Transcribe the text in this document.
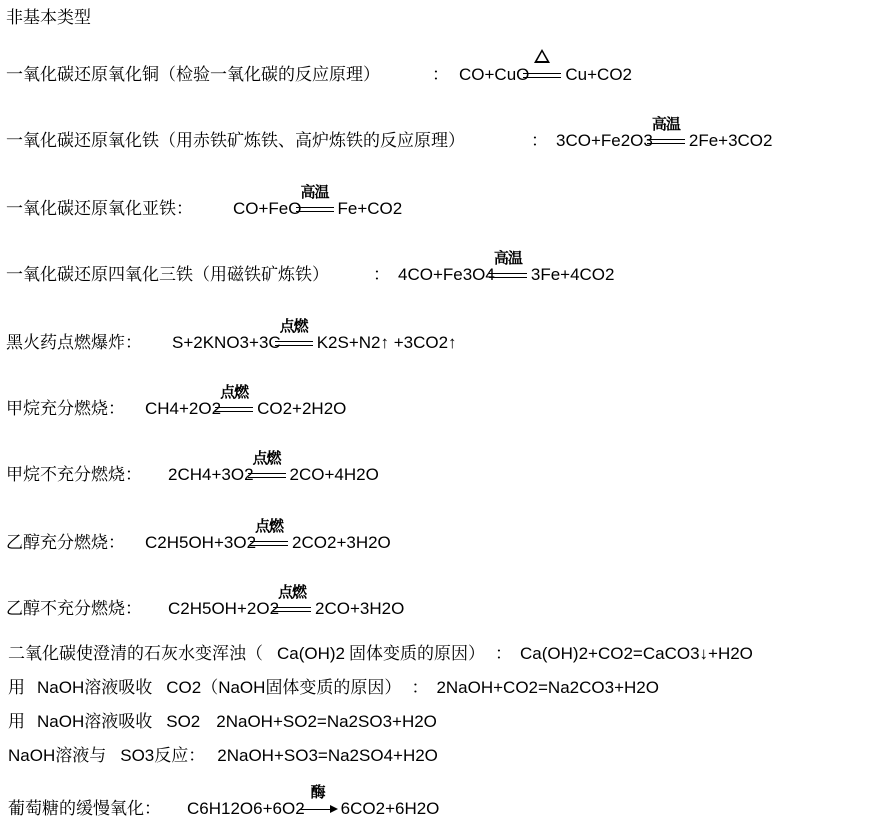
非基本类型
一氧化碳还原氧化铜（检验一氧化碳的反应原理）	： CO+CuO Cu+CO2
一氧化碳还原氧化铁（用赤铁矿炼铁、高炉炼铁的反应原理）	： 3CO+Fe2O3
高温
2Fe+3CO2
一氧化碳还原氧化亚铁： CO+FeO
高温
Fe+CO2
一氧化碳还原四氧化三铁（用磁铁矿炼铁）	： 4CO+Fe3O4
高温
3Fe+4CO2
黑火药点燃爆炸： S+2KNO3+3C
点燃
K2S+N2↑ +3CO2↑
甲烷充分燃烧： CH4+2O2
点燃
CO2+2H2O
甲烷不充分燃烧： 2CH4+3O2
点燃
2CO+4H2O
乙醇充分燃烧： C2H5OH+3O2
点燃
2CO2+3H2O
乙醇不充分燃烧： C2H5OH+2O2
点燃
2CO+3H2O
二氧化碳使澄清的石灰水变浑浊（ Ca(OH)2 固体变质的原因） ： Ca(OH)2+CO2=CaCO3↓+H2O
用 NaOH溶液吸收 CO2（NaOH固体变质的原因） ： 2NaOH+CO2=Na2CO3+H2O
用 NaOH溶液吸收 SO2 2NaOH+SO2=Na2SO3+H2O
NaOH溶液与 SO3反应： 2NaOH+SO3=Na2SO4+H2O
葡萄糖的缓慢氧化： C6H12O6+6O2
酶
6CO2+6H2O
